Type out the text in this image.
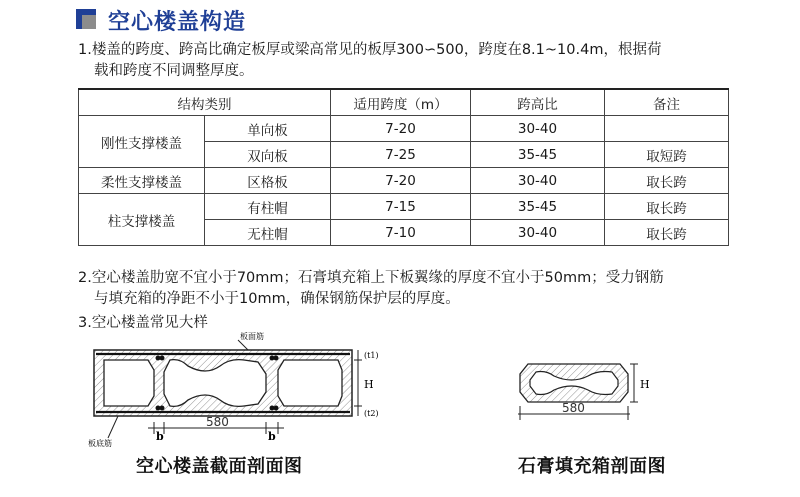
空心楼盖构造
1.楼盖的跨度、跨高比确定板厚或梁高常见的板厚300∽500，跨度在8.1~10.4m，根据荷
载和跨度不同调整厚度。
结构类别		适用跨度（m）	跨高比	备注
刚性支撑楼盖	单向板	7-20	30-40	
	双向板	7-25	35-45	取短跨
柔性支撑楼盖	区格板	7-20	30-40	取长跨
柱支撑楼盖	有柱帽	7-15	35-45	取长跨
	无柱帽	7-10	30-40	取长跨
2.空心楼盖肋宽不宜小于70mm；石膏填充箱上下板翼缘的厚度不宜小于50mm；受力钢筋
与填充箱的净距不小于10mm，确保钢筋保护层的厚度。
3.空心楼盖常见大样
b	b
580
H
(t1)
(t2)
板面筋
板底筋
580
H
空心楼盖截面剖面图	石膏填充箱剖面图
